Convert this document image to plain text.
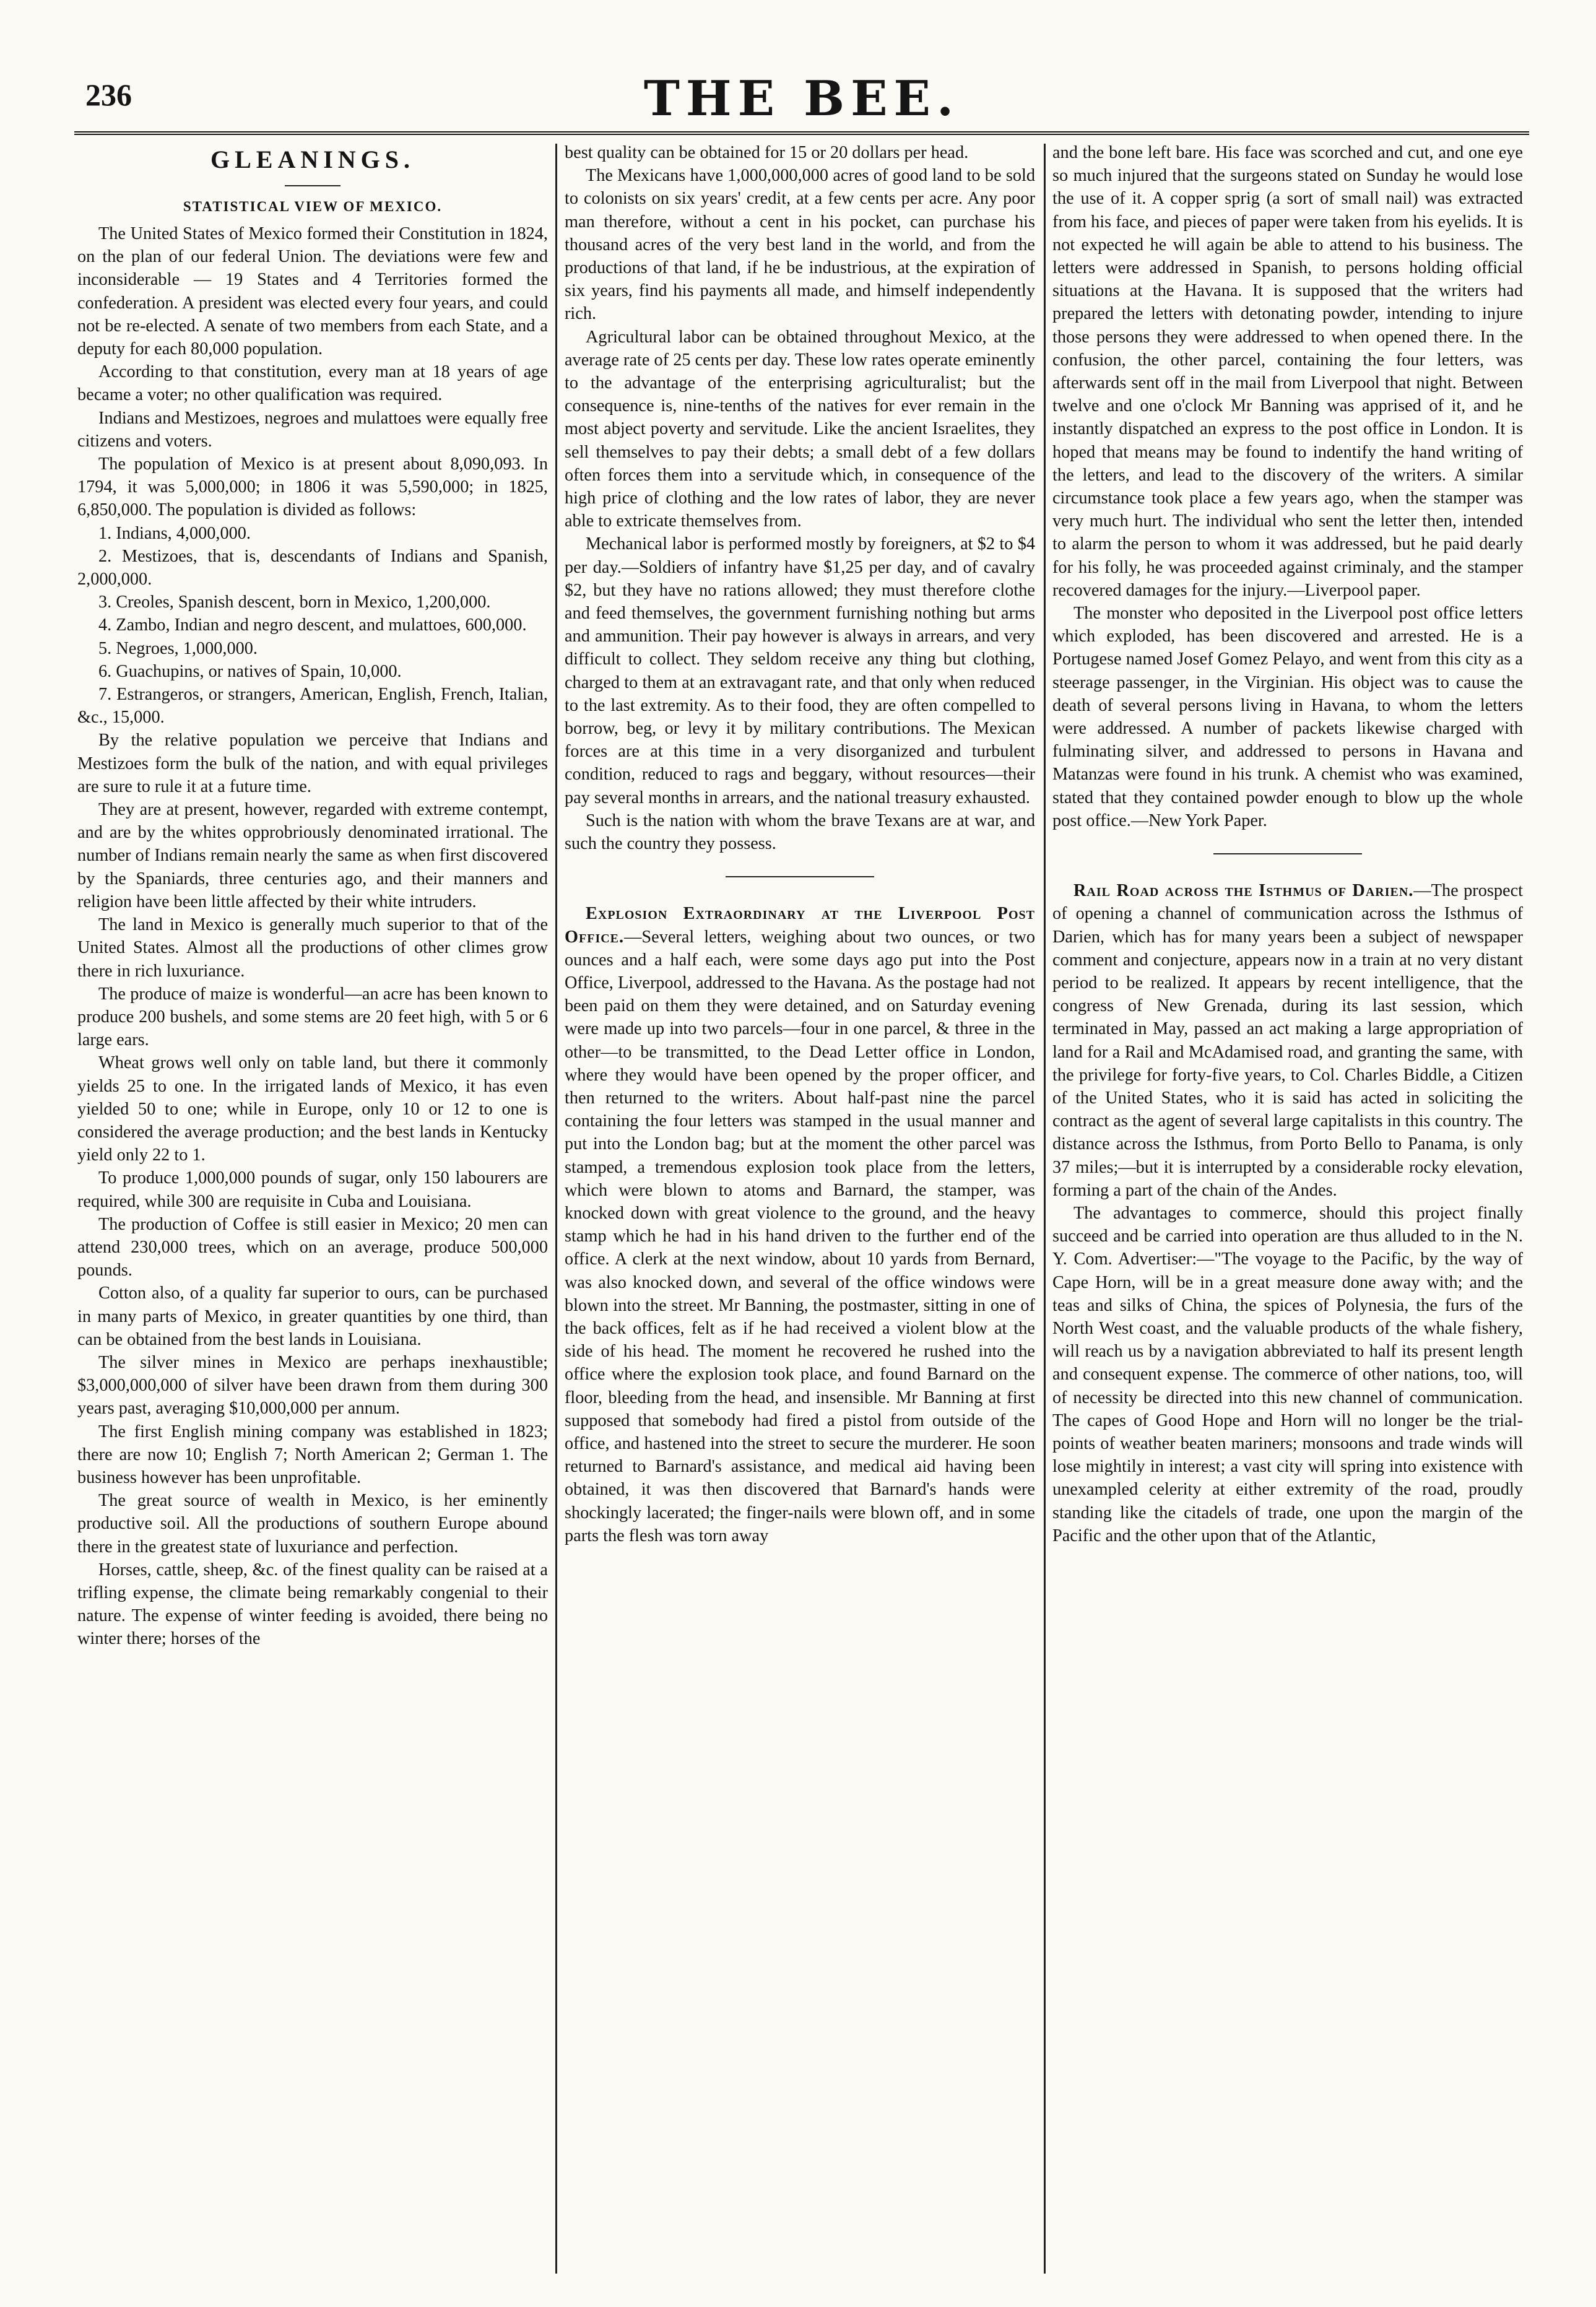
236	THE BEE.
GLEANINGS.
STATISTICAL VIEW OF MEXICO.

The United States of Mexico formed their Constitution in 1824, on the plan of our federal Union. The deviations were few and inconsiderable — 19 States and 4 Territories formed the confederation. A president was elected every four years, and could not be re-elected. A senate of two members from each State, and a deputy for each 80,000 population.

According to that constitution, every man at 18 years of age became a voter; no other qualification was required.

Indians and Mestizoes, negroes and mulattoes were equally free citizens and voters.

The population of Mexico is at present about 8,090,093. In 1794, it was 5,000,000; in 1806 it was 5,590,000; in 1825, 6,850,000. The population is divided as follows:

1. Indians, 4,000,000.

2. Mestizoes, that is, descendants of Indians and Spanish, 2,000,000.

3. Creoles, Spanish descent, born in Mexico, 1,200,000.

4. Zambo, Indian and negro descent, and mulattoes, 600,000.

5. Negroes, 1,000,000.

6. Guachupins, or natives of Spain, 10,000.

7. Estrangeros, or strangers, American, English, French, Italian, &c., 15,000.

By the relative population we perceive that Indians and Mestizoes form the bulk of the nation, and with equal privileges are sure to rule it at a future time.

They are at present, however, regarded with extreme contempt, and are by the whites opprobriously denominated irrational. The number of Indians remain nearly the same as when first discovered by the Spaniards, three centuries ago, and their manners and religion have been little affected by their white intruders.

The land in Mexico is generally much superior to that of the United States. Almost all the productions of other climes grow there in rich luxuriance.

The produce of maize is wonderful—an acre has been known to produce 200 bushels, and some stems are 20 feet high, with 5 or 6 large ears.

Wheat grows well only on table land, but there it commonly yields 25 to one. In the irrigated lands of Mexico, it has even yielded 50 to one; while in Europe, only 10 or 12 to one is considered the average production; and the best lands in Kentucky yield only 22 to 1.

To produce 1,000,000 pounds of sugar, only 150 labourers are required, while 300 are requisite in Cuba and Louisiana.

The production of Coffee is still easier in Mexico; 20 men can attend 230,000 trees, which on an average, produce 500,000 pounds.

Cotton also, of a quality far superior to ours, can be purchased in many parts of Mexico, in greater quantities by one third, than can be obtained from the best lands in Louisiana.

The silver mines in Mexico are perhaps inexhaustible; $3,000,000,000 of silver have been drawn from them during 300 years past, averaging $10,000,000 per annum.

The first English mining company was established in 1823; there are now 10; English 7; North American 2; German 1. The business however has been unprofitable.

The great source of wealth in Mexico, is her eminently productive soil. All the productions of southern Europe abound there in the greatest state of luxuriance and perfection.

Horses, cattle, sheep, &c. of the finest quality can be raised at a trifling expense, the climate being remarkably congenial to their nature. The expense of winter feeding is avoided, there being no winter there; horses of the

best quality can be obtained for 15 or 20 dollars per head.

The Mexicans have 1,000,000,000 acres of good land to be sold to colonists on six years' credit, at a few cents per acre. Any poor man therefore, without a cent in his pocket, can purchase his thousand acres of the very best land in the world, and from the productions of that land, if he be industrious, at the expiration of six years, find his payments all made, and himself independently rich.

Agricultural labor can be obtained throughout Mexico, at the average rate of 25 cents per day. These low rates operate eminently to the advantage of the enterprising agriculturalist; but the consequence is, nine-tenths of the natives for ever remain in the most abject poverty and servitude. Like the ancient Israelites, they sell themselves to pay their debts; a small debt of a few dollars often forces them into a servitude which, in consequence of the high price of clothing and the low rates of labor, they are never able to extricate themselves from.

Mechanical labor is performed mostly by foreigners, at $2 to $4 per day.—Soldiers of infantry have $1,25 per day, and of cavalry $2, but they have no rations allowed; they must therefore clothe and feed themselves, the government furnishing nothing but arms and ammunition. Their pay however is always in arrears, and very difficult to collect. They seldom receive any thing but clothing, charged to them at an extravagant rate, and that only when reduced to the last extremity. As to their food, they are often compelled to borrow, beg, or levy it by military contributions. The Mexican forces are at this time in a very disorganized and turbulent condition, reduced to rags and beggary, without resources—their pay several months in arrears, and the national treasury exhausted.

Such is the nation with whom the brave Texans are at war, and such the country they possess.

Explosion Extraordinary at the Liverpool Post Office.—Several letters, weighing about two ounces, or two ounces and a half each, were some days ago put into the Post Office, Liverpool, addressed to the Havana. As the postage had not been paid on them they were detained, and on Saturday evening were made up into two parcels—four in one parcel, & three in the other—to be transmitted, to the Dead Letter office in London, where they would have been opened by the proper officer, and then returned to the writers. About half-past nine the parcel containing the four letters was stamped in the usual manner and put into the London bag; but at the moment the other parcel was stamped, a tremendous explosion took place from the letters, which were blown to atoms and Barnard, the stamper, was knocked down with great violence to the ground, and the heavy stamp which he had in his hand driven to the further end of the office. A clerk at the next window, about 10 yards from Bernard, was also knocked down, and several of the office windows were blown into the street. Mr Banning, the postmaster, sitting in one of the back offices, felt as if he had received a violent blow at the side of his head. The moment he recovered he rushed into the office where the explosion took place, and found Barnard on the floor, bleeding from the head, and insensible. Mr Banning at first supposed that somebody had fired a pistol from outside of the office, and hastened into the street to secure the murderer. He soon returned to Barnard's assistance, and medical aid having been obtained, it was then discovered that Barnard's hands were shockingly lacerated; the finger-nails were blown off, and in some parts the flesh was torn away

and the bone left bare. His face was scorched and cut, and one eye so much injured that the surgeons stated on Sunday he would lose the use of it. A copper sprig (a sort of small nail) was extracted from his face, and pieces of paper were taken from his eyelids. It is not expected he will again be able to attend to his business. The letters were addressed in Spanish, to persons holding official situations at the Havana. It is supposed that the writers had prepared the letters with detonating powder, intending to injure those persons they were addressed to when opened there. In the confusion, the other parcel, containing the four letters, was afterwards sent off in the mail from Liverpool that night. Between twelve and one o'clock Mr Banning was apprised of it, and he instantly dispatched an express to the post office in London. It is hoped that means may be found to indentify the hand writing of the letters, and lead to the discovery of the writers. A similar circumstance took place a few years ago, when the stamper was very much hurt. The individual who sent the letter then, intended to alarm the person to whom it was addressed, but he paid dearly for his folly, he was proceeded against criminaly, and the stamper recovered damages for the injury.—Liverpool paper.

The monster who deposited in the Liverpool post office letters which exploded, has been discovered and arrested. He is a Portugese named Josef Gomez Pelayo, and went from this city as a steerage passenger, in the Virginian. His object was to cause the death of several persons living in Havana, to whom the letters were addressed. A number of packets likewise charged with fulminating silver, and addressed to persons in Havana and Matanzas were found in his trunk. A chemist who was examined, stated that they contained powder enough to blow up the whole post office.—New York Paper.

Rail Road across the Isthmus of Darien.—The prospect of opening a channel of communication across the Isthmus of Darien, which has for many years been a subject of newspaper comment and conjecture, appears now in a train at no very distant period to be realized. It appears by recent intelligence, that the congress of New Grenada, during its last session, which terminated in May, passed an act making a large appropriation of land for a Rail and McAdamised road, and granting the same, with the privilege for forty-five years, to Col. Charles Biddle, a Citizen of the United States, who it is said has acted in soliciting the contract as the agent of several large capitalists in this country. The distance across the Isthmus, from Porto Bello to Panama, is only 37 miles;—but it is interrupted by a considerable rocky elevation, forming a part of the chain of the Andes.

The advantages to commerce, should this project finally succeed and be carried into operation are thus alluded to in the N. Y. Com. Advertiser:—"The voyage to the Pacific, by the way of Cape Horn, will be in a great measure done away with; and the teas and silks of China, the spices of Polynesia, the furs of the North West coast, and the valuable products of the whale fishery, will reach us by a navigation abbreviated to half its present length and consequent expense. The commerce of other nations, too, will of necessity be directed into this new channel of communication. The capes of Good Hope and Horn will no longer be the trial-points of weather beaten mariners; monsoons and trade winds will lose mightily in interest; a vast city will spring into existence with unexampled celerity at either extremity of the road, proudly standing like the citadels of trade, one upon the margin of the Pacific and the other upon that of the Atlantic,
